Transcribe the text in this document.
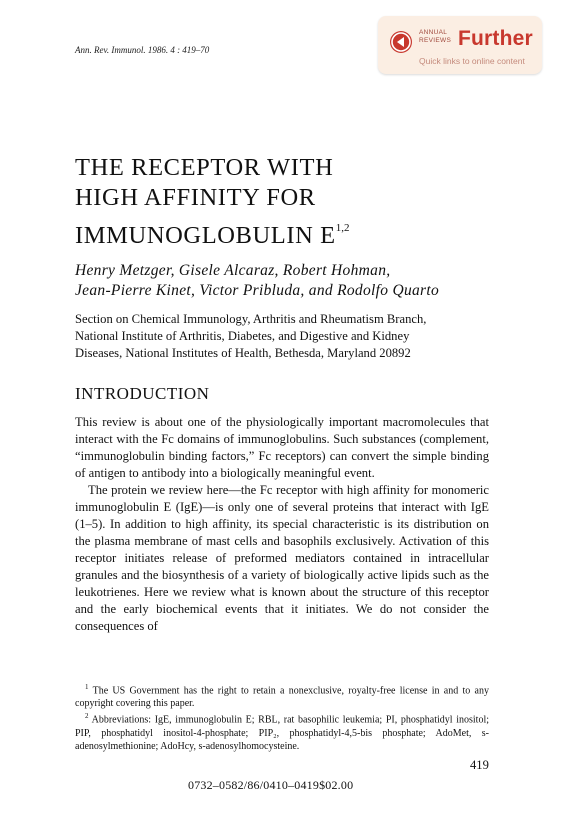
Ann. Rev. Immunol. 1986. 4 : 419–70
ANNUAL
REVIEWS Further
Quick links to online content
THE RECEPTOR WITH
HIGH AFFINITY FOR
IMMUNOGLOBULIN E$^{1,2}$
Henry Metzger, Gisele Alcaraz, Robert Hohman,
Jean-Pierre Kinet, Victor Pribluda, and Rodolfo Quarto
Section on Chemical Immunology, Arthritis and Rheumatism Branch,
National Institute of Arthritis, Diabetes, and Digestive and Kidney
Diseases, National Institutes of Health, Bethesda, Maryland 20892
INTRODUCTION

This review is about one of the physiologically important macromolecules that interact with the Fc domains of immunoglobulins. Such substances (complement, “immunoglobulin binding factors,” Fc receptors) can convert the simple binding of antigen to antibody into a biologically meaningful event.

The protein we review here—the Fc receptor with high affinity for monomeric immunoglobulin E (IgE)—is only one of several proteins that interact with IgE (1–5). In addition to high affinity, its special characteristic is its distribution on the plasma membrane of mast cells and basophils exclusively. Activation of this receptor initiates release of preformed mediators contained in intracellular granules and the biosynthesis of a variety of biologically active lipids such as the leukotrienes. Here we review what is known about the structure of this receptor and the early biochemical events that it initiates. We do not consider the consequences of

$^1$ The US Government has the right to retain a nonexclusive, royalty-free license in and to any copyright covering this paper.

$^2$ Abbreviations: IgE, immunoglobulin E; RBL, rat basophilic leukemia; PI, phosphatidyl inositol; PIP, phosphatidyl inositol-4-phosphate; PIP₂, phosphatidyl-4,5-bis phosphate; AdoMet, s-adenosylmethionine; AdoHcy, s-adenosylhomocysteine.

419
0732–0582/86/0410–0419$02.00
